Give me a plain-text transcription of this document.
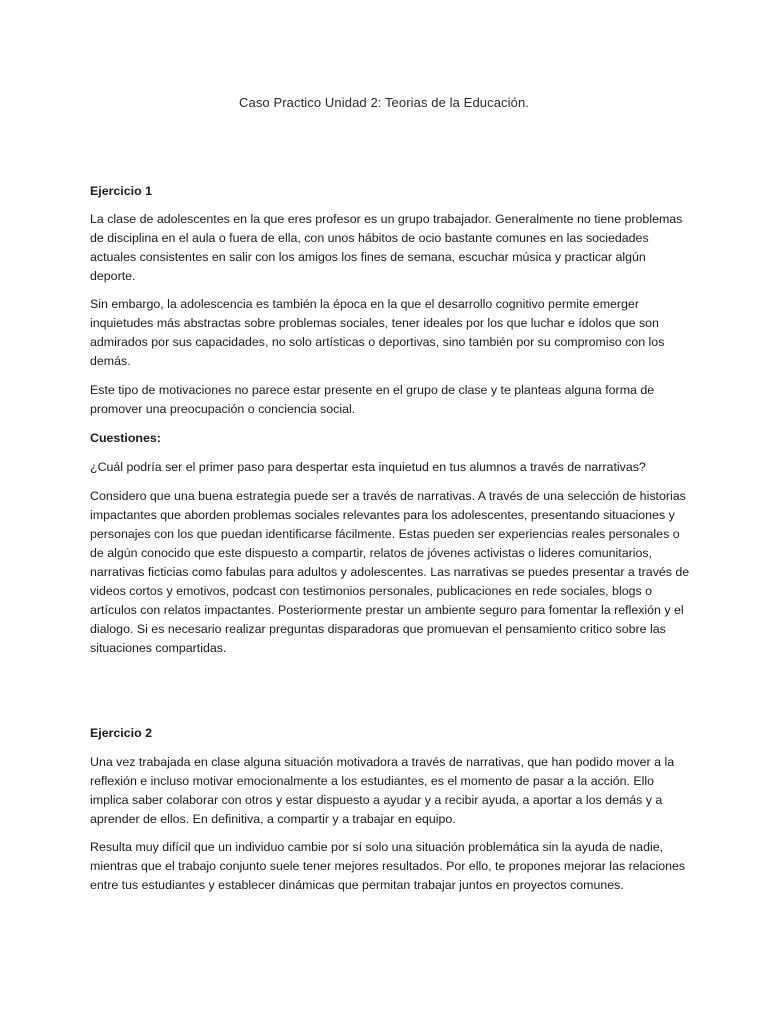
Caso Practico Unidad 2: Teorias de la Educación.

Ejercicio 1

La clase de adolescentes en la que eres profesor es un grupo trabajador. Generalmente no tiene problemas de disciplina en el aula o fuera de ella, con unos hábitos de ocio bastante comunes en las sociedades actuales consistentes en salir con los amigos los fines de semana, escuchar música y practicar algún deporte.

Sin embargo, la adolescencia es también la época en la que el desarrollo cognitivo permite emerger inquietudes más abstractas sobre problemas sociales, tener ideales por los que luchar e ídolos que son admirados por sus capacidades, no solo artísticas o deportivas, sino también por su compromiso con los demás.

Este tipo de motivaciones no parece estar presente en el grupo de clase y te planteas alguna forma de promover una preocupación o conciencia social.

Cuestiones:

¿Cuál podría ser el primer paso para despertar esta inquietud en tus alumnos a través de narrativas?

Considero que una buena estrategia puede ser a través de narrativas. A través de una selección de historias impactantes que aborden problemas sociales relevantes para los adolescentes, presentando situaciones y personajes con los que puedan identificarse fácilmente. Estas pueden ser experiencias reales personales o de algún conocido que este dispuesto a compartir, relatos de jóvenes activistas o lideres comunitarios, narrativas ficticias como fabulas para adultos y adolescentes. Las narrativas se puedes presentar a través de videos cortos y emotivos, podcast con testimonios personales, publicaciones en rede sociales, blogs o artículos con relatos impactantes. Posteriormente prestar un ambiente seguro para fomentar la reflexión y el dialogo. Si es necesario realizar preguntas disparadoras que promuevan el pensamiento critico sobre las situaciones compartidas.

Ejercicio 2

Una vez trabajada en clase alguna situación motivadora a través de narrativas, que han podido mover a la reflexión e incluso motivar emocionalmente a los estudiantes, es el momento de pasar a la acción. Ello implica saber colaborar con otros y estar dispuesto a ayudar y a recibir ayuda, a aportar a los demás y a aprender de ellos. En definitiva, a compartir y a trabajar en equipo.

Resulta muy difícil que un individuo cambie por sí solo una situación problemática sin la ayuda de nadie, mientras que el trabajo conjunto suele tener mejores resultados. Por ello, te propones mejorar las relaciones entre tus estudiantes y establecer dinámicas que permitan trabajar juntos en proyectos comunes.
